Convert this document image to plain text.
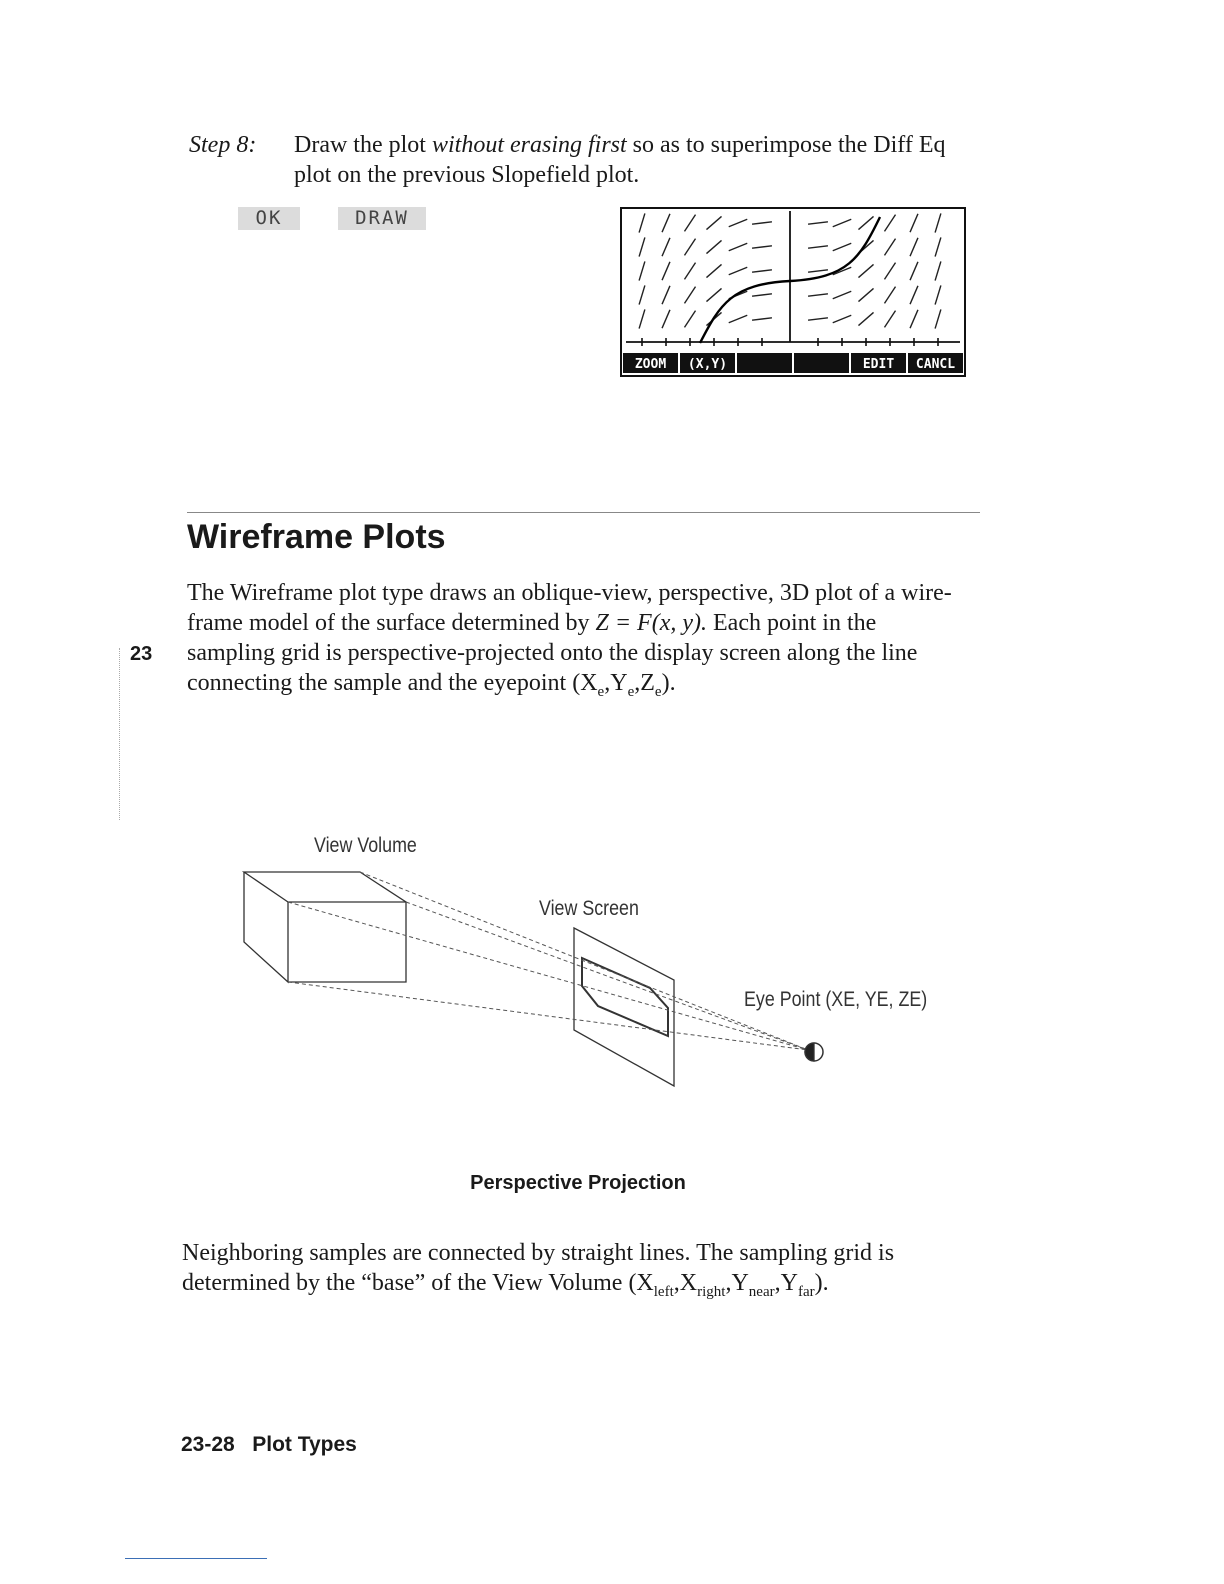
Step 8: Draw the plot without erasing first so as to superimpose the Diff Eq plot on the previous Slopefield plot.
OK	DRAW
ZOOM (X,Y)	EDIT CANCL
Wireframe Plots
The Wireframe plot type draws an oblique-view, perspective, 3D plot of a wire-frame model of the surface determined by Z = F(x, y). Each point in the sampling grid is perspective-projected onto the display screen along the line connecting the sample and the eyepoint $(X_e,Y_e,Z_e)$.
23
View Volume
View Screen
Eye Point (XE, YE, ZE)
Perspective Projection
Neighboring samples are connected by straight lines. The sampling grid is determined by the “base” of the View Volume $(X_{left},X_{right},Y_{near},Y_{far})$.
23-28 Plot Types
